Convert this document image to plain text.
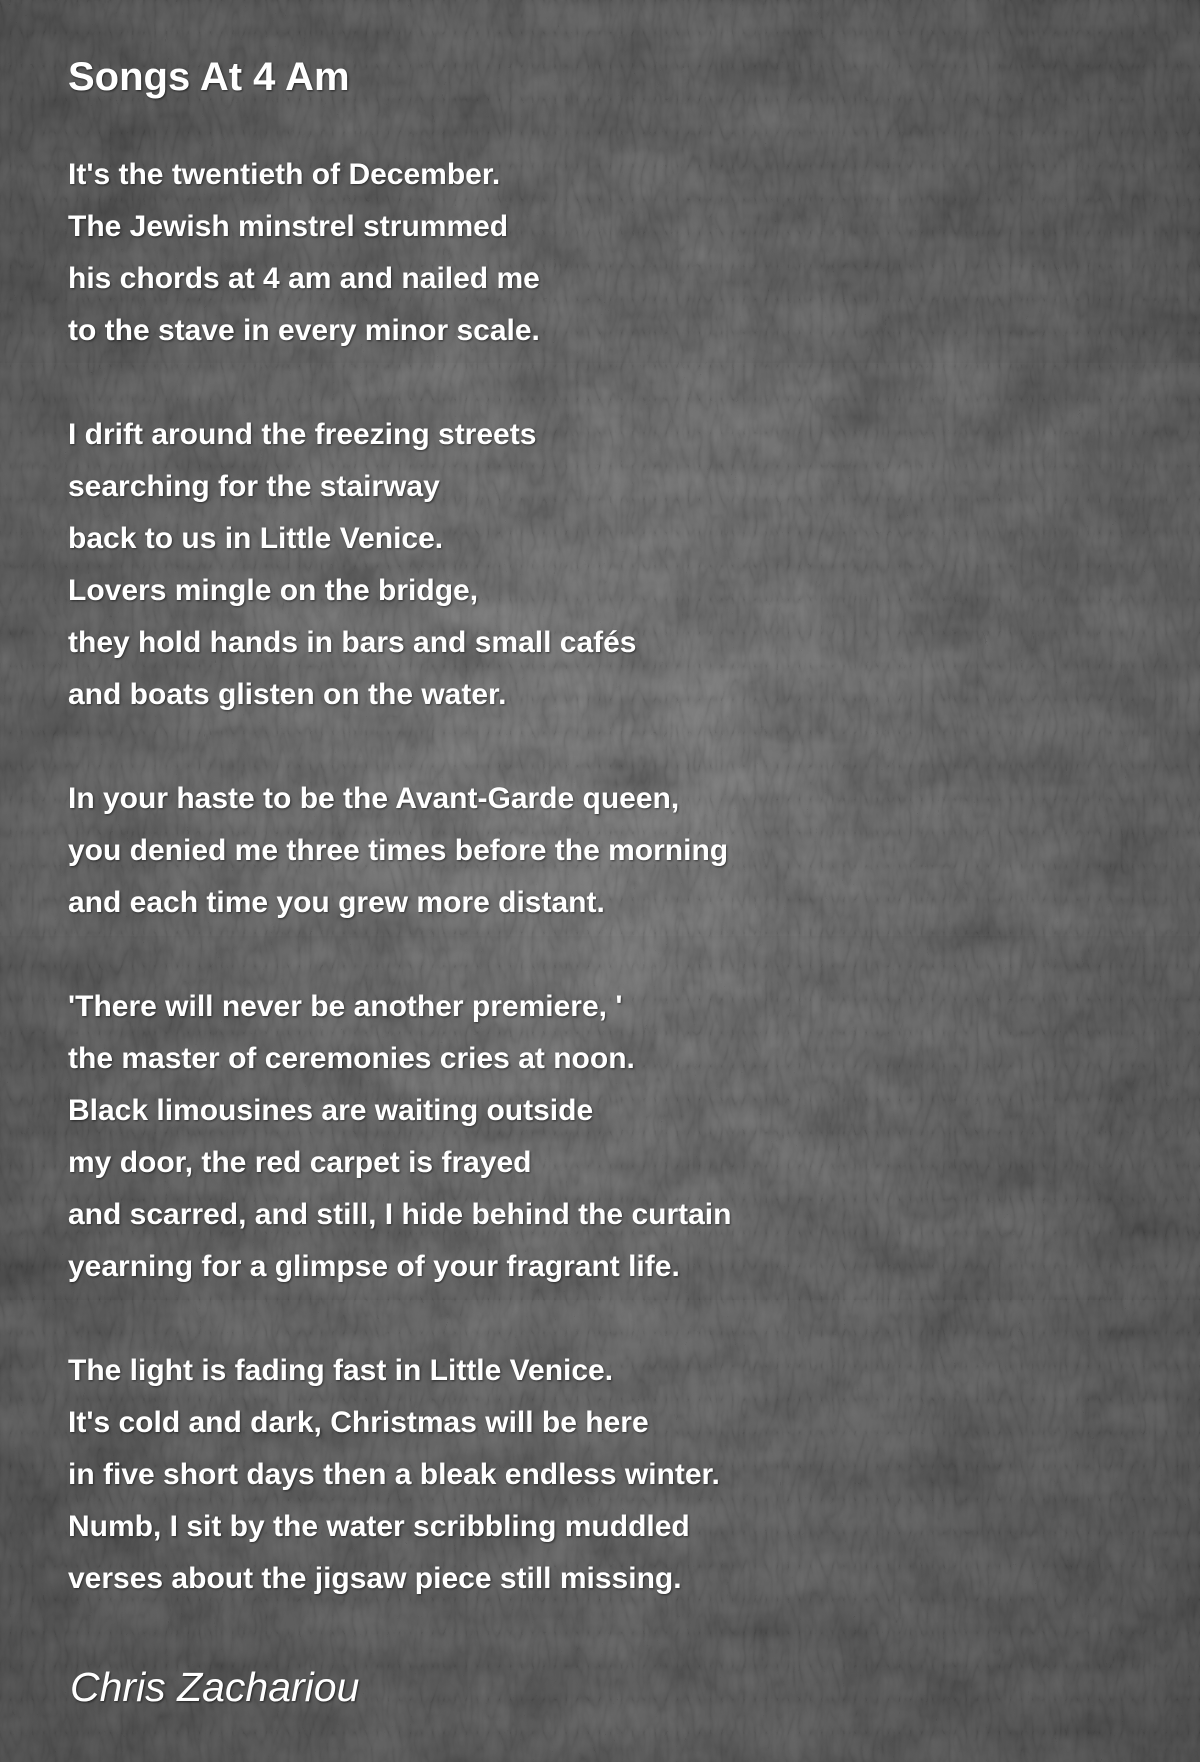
Songs At 4 Am
It's the twentieth of December.
The Jewish minstrel strummed
his chords at 4 am and nailed me
to the stave in every minor scale.
I drift around the freezing streets
searching for the stairway
back to us in Little Venice.
Lovers mingle on the bridge,
they hold hands in bars and small cafés
and boats glisten on the water.
In your haste to be the Avant-Garde queen,
you denied me three times before the morning
and each time you grew more distant.
'There will never be another premiere, '
the master of ceremonies cries at noon.
Black limousines are waiting outside
my door, the red carpet is frayed
and scarred, and still, I hide behind the curtain
yearning for a glimpse of your fragrant life.
The light is fading fast in Little Venice.
It's cold and dark, Christmas will be here
in five short days then a bleak endless winter.
Numb, I sit by the water scribbling muddled
verses about the jigsaw piece still missing.
Chris Zachariou
